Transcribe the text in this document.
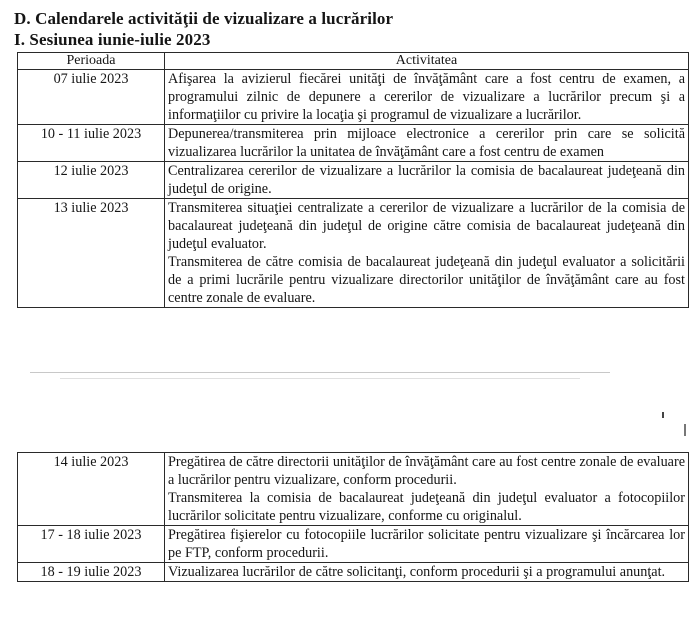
D. Calendarele activităţii de vizualizare a lucrărilor
I. Sesiunea iunie-iulie 2023
Perioada	Activitatea
07 iulie 2023	Afişarea la avizierul fiecărei unităţi de învăţământ care a fost centru de examen, a programului zilnic de depunere a cererilor de vizualizare a lucrărilor precum şi a informaţiilor cu privire la locaţia şi programul de vizualizare a lucrărilor.

10 - 11 iulie 2023	Depunerea/transmiterea prin mijloace electronice a cererilor prin care se solicită vizualizarea lucrărilor la unitatea de învăţământ care a fost centru de examen

12 iulie 2023	Centralizarea cererilor de vizualizare a lucrărilor la comisia de bacalaureat judeţeană din judeţul de origine.

13 iulie 2023	Transmiterea situaţiei centralizate a cererilor de vizualizare a lucrărilor de la comisia de bacalaureat judeţeană din judeţul de origine către comisia de bacalaureat judeţeană din judeţul evaluator.

Transmiterea de către comisia de bacalaureat judeţeană din judeţul evaluator a solicitării de a primi lucrările pentru vizualizare directorilor unităţilor de învăţământ care au fost centre zonale de evaluare.

14 iulie 2023	Pregătirea de către directorii unităţilor de învăţământ care au fost centre zonale de evaluare a lucrărilor pentru vizualizare, conform procedurii.

Transmiterea la comisia de bacalaureat judeţeană din judeţul evaluator a fotocopiilor lucrărilor solicitate pentru vizualizare, conforme cu originalul.

17 - 18 iulie 2023	Pregătirea fişierelor cu fotocopiile lucrărilor solicitate pentru vizualizare şi încărcarea lor pe FTP, conform procedurii.

18 - 19 iulie 2023	Vizualizarea lucrărilor de către solicitanţi, conform procedurii şi a programului anunţat.
